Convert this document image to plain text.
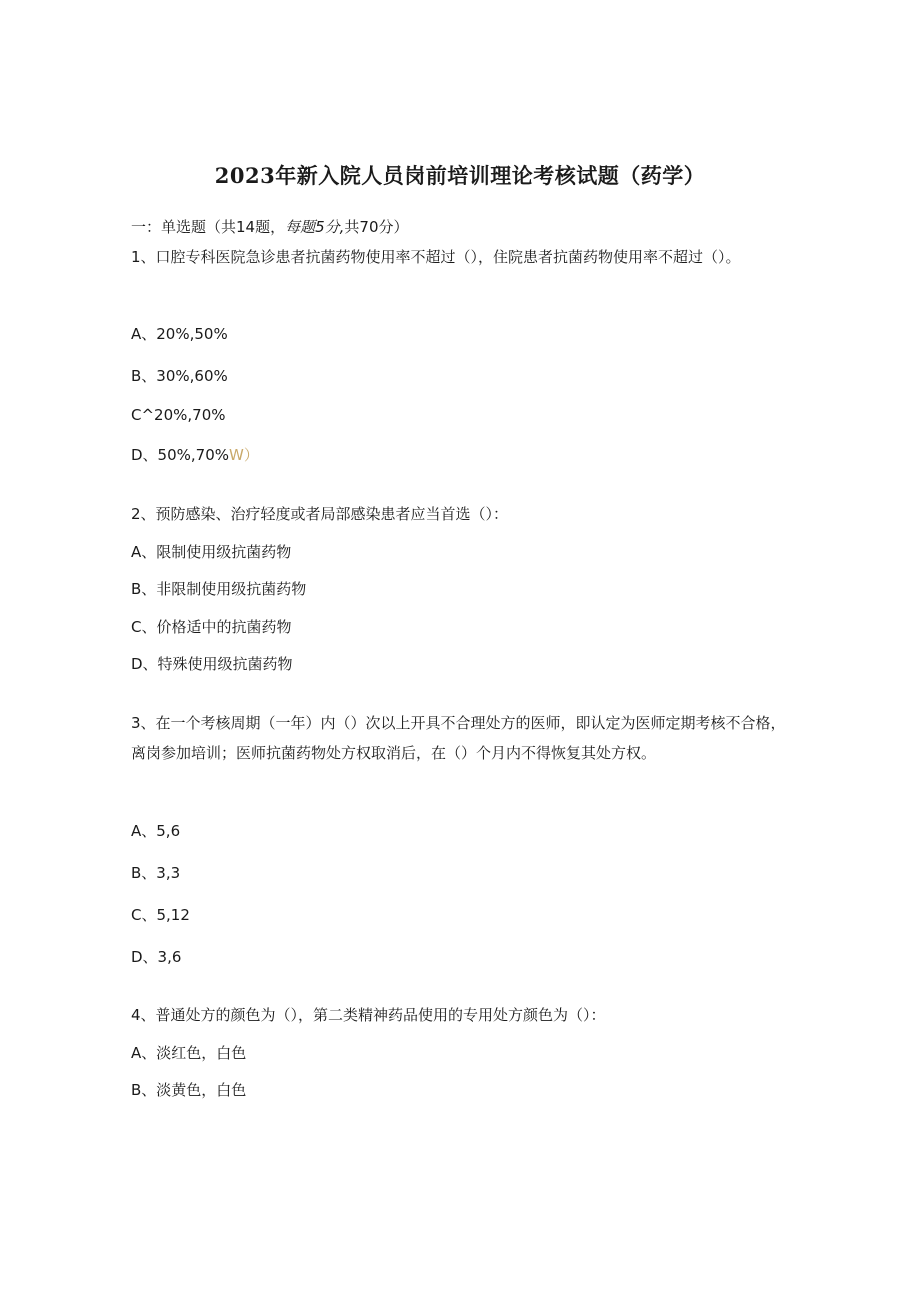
2023年新入院人员岗前培训理论考核试题（药学）
一：单选题（共14题，每题5分,共70分）
1、口腔专科医院急诊患者抗菌药物使用率不超过（），住院患者抗菌药物使用率不超过（）。
A、20%,50%
B、30%,60%
C^20%,70%
D、50%,70%W）
2、预防感染、治疗轻度或者局部感染患者应当首选（）：
A、限制使用级抗菌药物
B、非限制使用级抗菌药物
C、价格适中的抗菌药物
D、特殊使用级抗菌药物
3、在一个考核周期（一年）内（）次以上开具不合理处方的医师，即认定为医师定期考核不合格，离岗参加培训；医师抗菌药物处方权取消后，在（）个月内不得恢复其处方权。
A、5,6
B、3,3
C、5,12
D、3,6
4、普通处方的颜色为（），第二类精神药品使用的专用处方颜色为（）：
A、淡红色，白色
B、淡黄色，白色
